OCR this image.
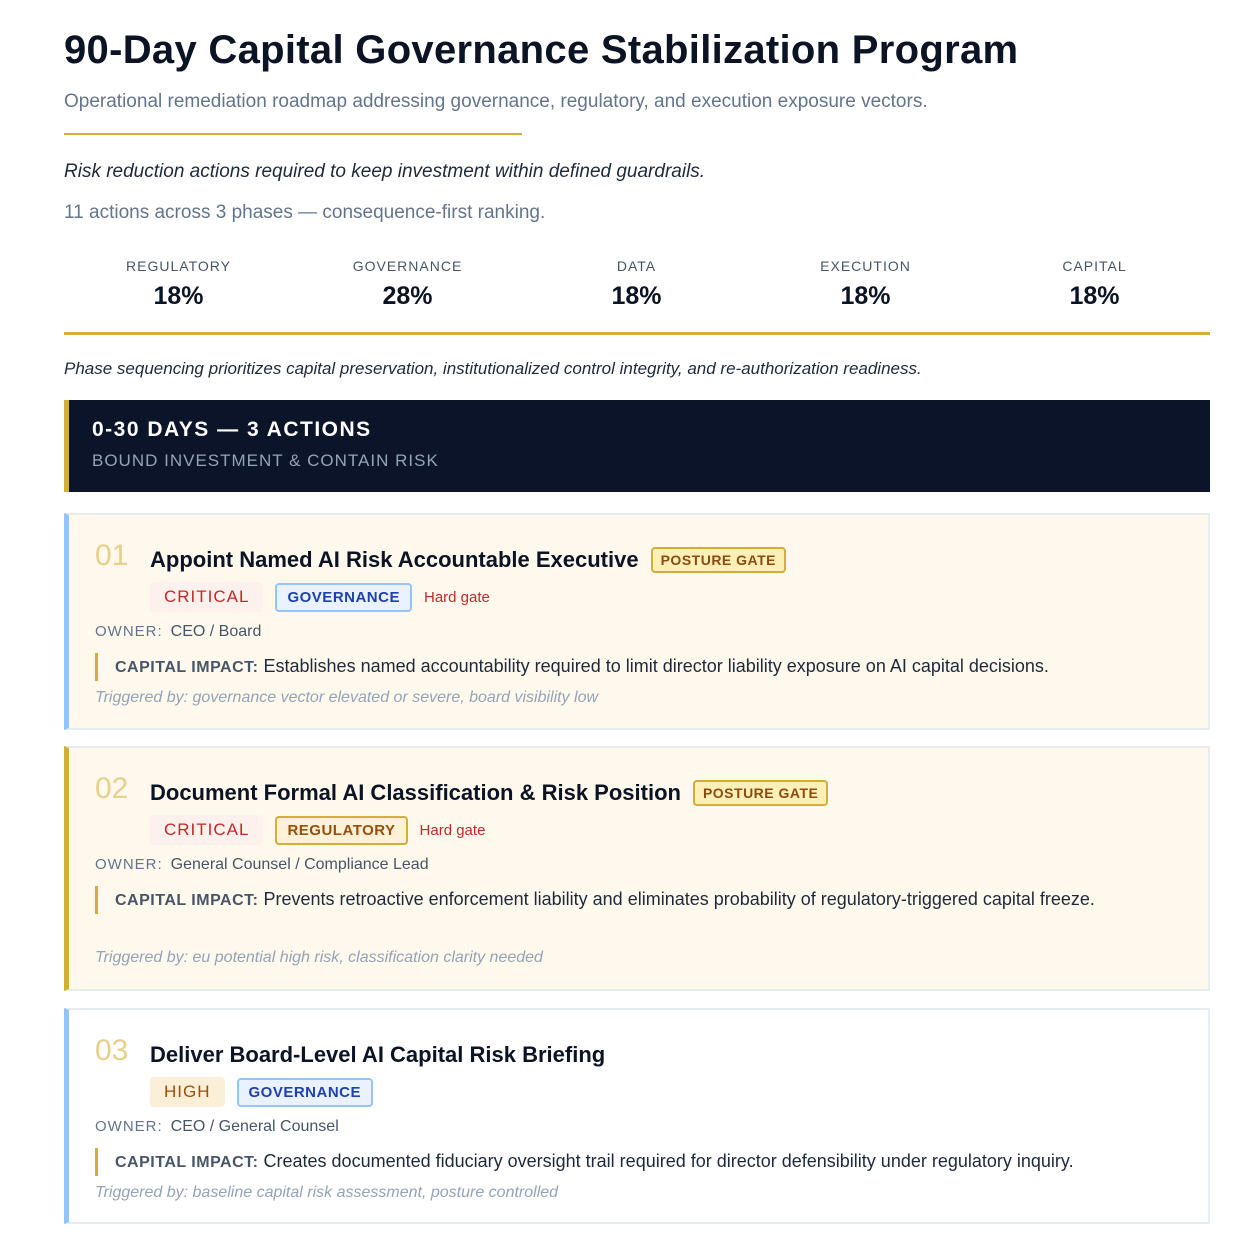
90-Day Capital Governance Stabilization Program
Operational remediation roadmap addressing governance, regulatory, and execution exposure vectors.
Risk reduction actions required to keep investment within defined guardrails.
11 actions across 3 phases — consequence-first ranking.
REGULATORY
18%
GOVERNANCE
28%
DATA
18%
EXECUTION
18%
CAPITAL
18%
Phase sequencing prioritizes capital preservation, institutionalized control integrity, and re-authorization readiness.
0-30 DAYS — 3 ACTIONS
BOUND INVESTMENT & CONTAIN RISK
01 Appoint Named AI Risk Accountable Executive	POSTURE GATE
CRITICAL	GOVERNANCE	Hard gate
OWNER: CEO / Board
CAPITAL IMPACT: Establishes named accountability required to limit director liability exposure on AI capital decisions.
Triggered by: governance vector elevated or severe, board visibility low
02 Document Formal AI Classification & Risk Position	POSTURE GATE
CRITICAL	REGULATORY	Hard gate
OWNER: General Counsel / Compliance Lead
CAPITAL IMPACT: Prevents retroactive enforcement liability and eliminates probability of regulatory-triggered capital freeze.
Triggered by: eu potential high risk, classification clarity needed
03 Deliver Board-Level AI Capital Risk Briefing
HIGH	GOVERNANCE
OWNER: CEO / General Counsel
CAPITAL IMPACT: Creates documented fiduciary oversight trail required for director defensibility under regulatory inquiry.
Triggered by: baseline capital risk assessment, posture controlled
